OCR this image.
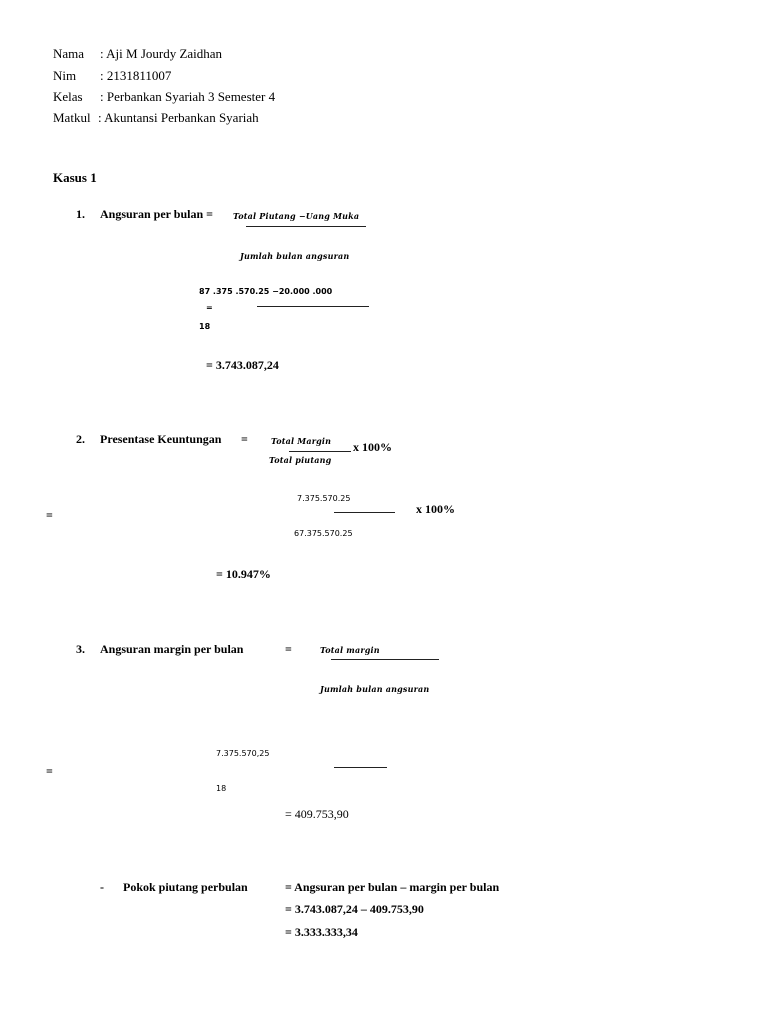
Nama : Aji M Jourdy Zaidhan
Nim : 2131811007
Kelas : Perbankan Syariah 3 Semester 4
Matkul : Akuntansi Perbankan Syariah
Kasus 1
1. Angsuran per bulan =	Total Piutang −Uang Muka
Jumlah bulan angsuran
87 .375 .570.25 −20.000 .000
=
18
= 3.743.087,24
2. Presentase Keuntungan =	Total Margin
Total piutang
x 100%
=
7.375.570.25
x 100%
67.375.570.25
= 10.947%
3. Angsuran margin per bulan	=	Total margin
Jumlah bulan angsuran
=
7.375.570,25
18
= 409.753,90
- Pokok piutang perbulan	= Angsuran per bulan – margin per bulan
= 3.743.087,24 – 409.753,90
= 3.333.333,34
